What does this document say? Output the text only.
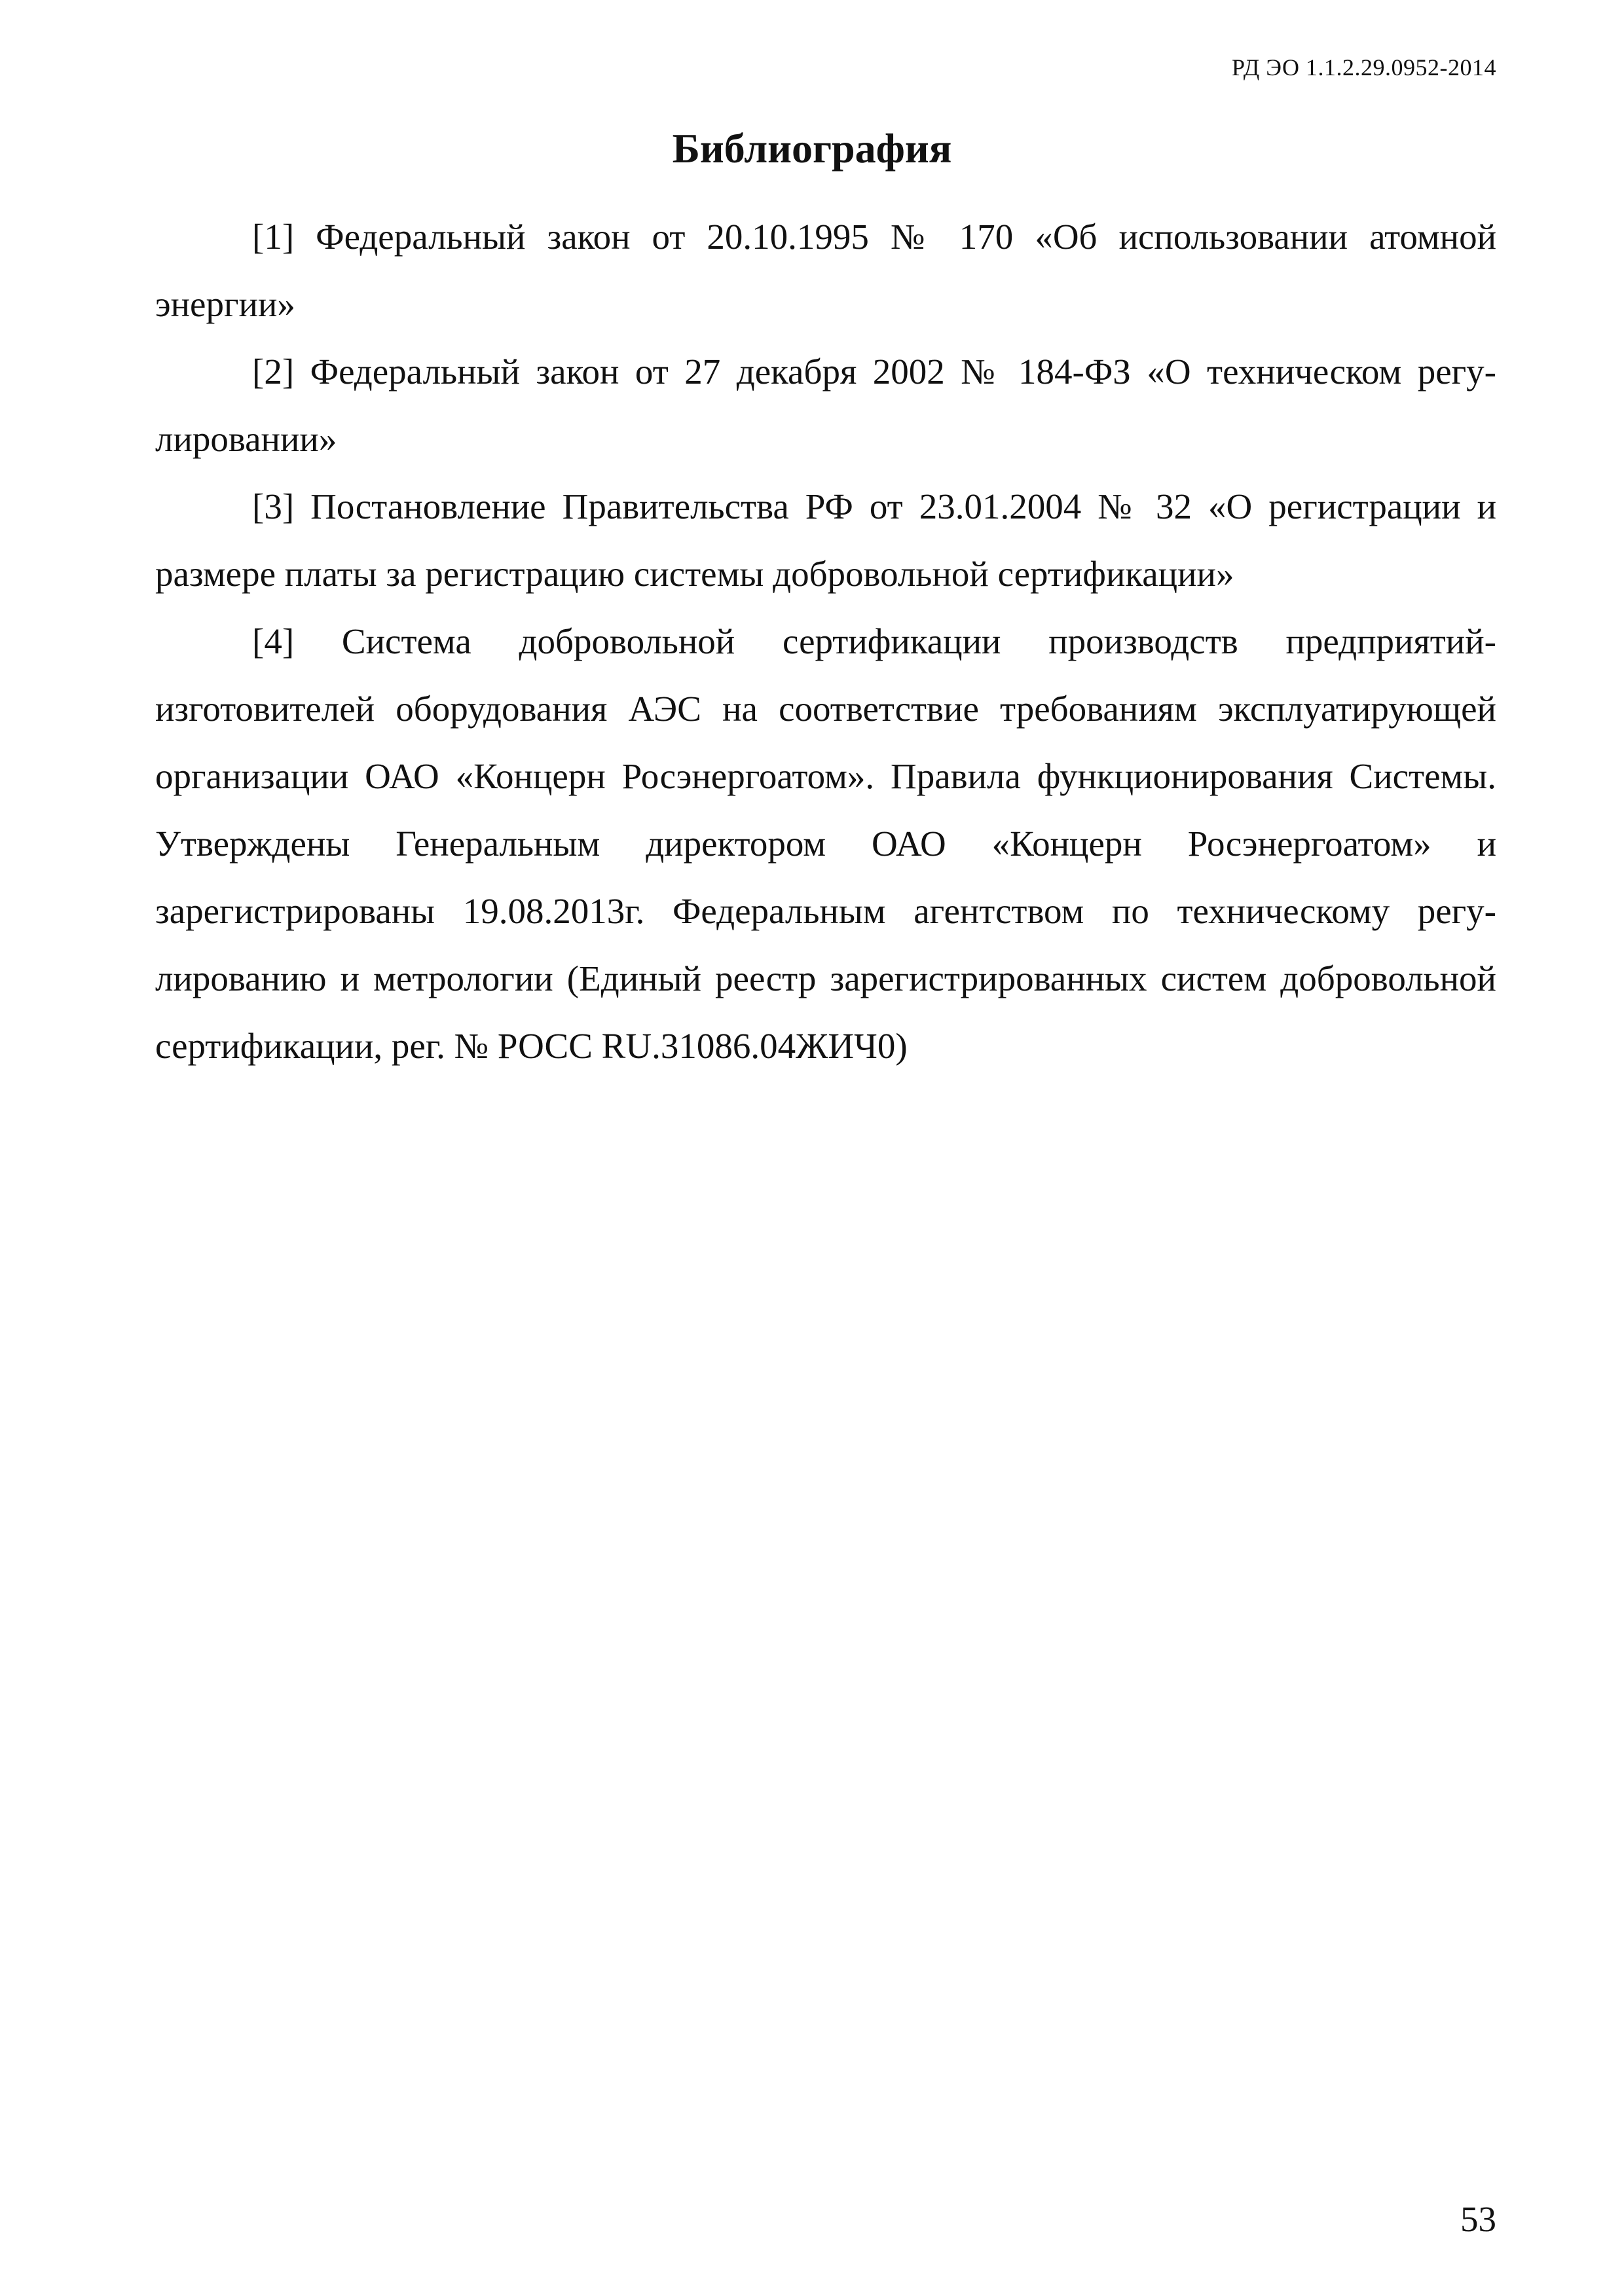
РД ЭО 1.1.2.29.0952-2014
Библиография
[1] Федеральный закон от 20.10.1995 № 170 «Об использовании атомной энергии»
[2] Федеральный закон от 27 декабря 2002 № 184-ФЗ «О техническом регулировании»
[3] Постановление Правительства РФ от 23.01.2004 № 32 «О регистрации и размере платы за регистрацию системы добровольной сертификации»
[4] Система добровольной сертификации производств предприятий-изготовителей оборудования АЭС на соответствие требованиям эксплуатирующей организации ОАО «Концерн Росэнергоатом». Правила функционирования Системы. Утверждены Генеральным директором ОАО «Концерн Росэнергоатом» и зарегистрированы 19.08.2013г. Федеральным агентством по техническому регулированию и метрологии (Единый реестр зарегистрированных систем добровольной сертификации, рег. № РОСС RU.31086.04ЖИЧ0)
53
